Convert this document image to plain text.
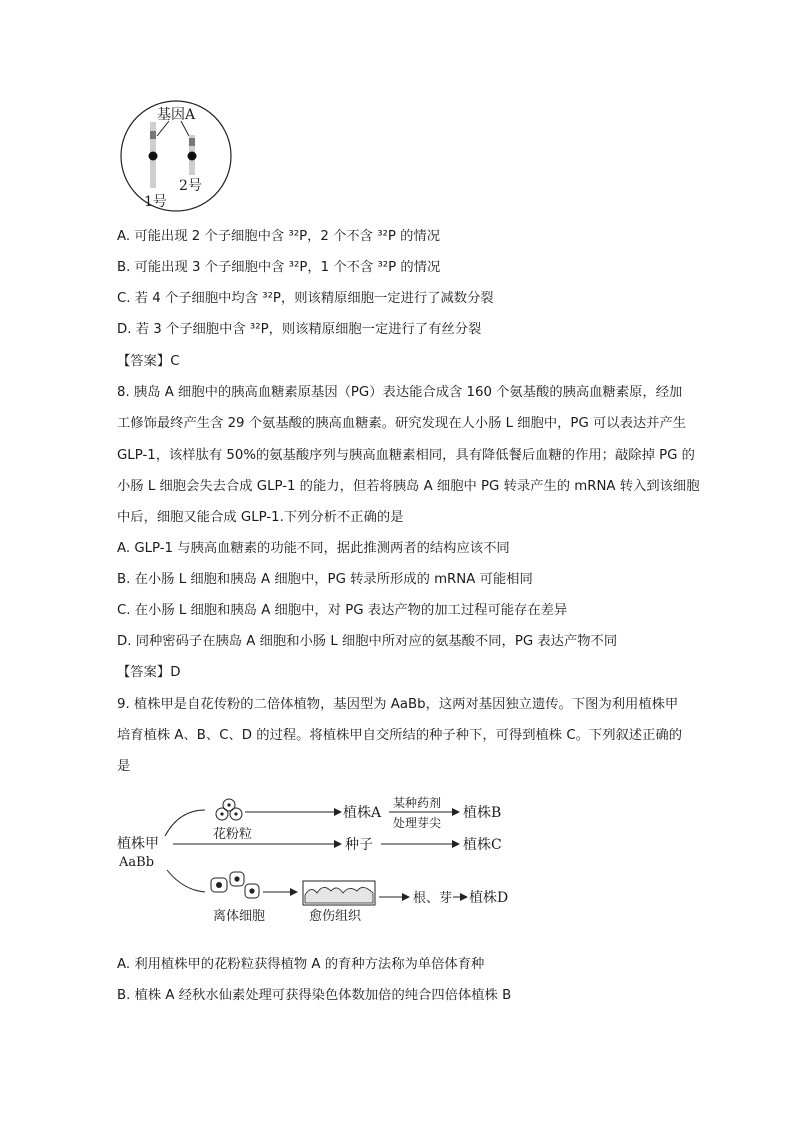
基因A
2号
1号
A. 可能出现 2 个子细胞中含 ³²P，2 个不含 ³²P 的情况
B. 可能出现 3 个子细胞中含 ³²P，1 个不含 ³²P 的情况
C. 若 4 个子细胞中均含 ³²P，则该精原细胞一定进行了减数分裂
D. 若 3 个子细胞中含 ³²P，则该精原细胞一定进行了有丝分裂
【答案】C
8. 胰岛 A 细胞中的胰高血糖素原基因（PG）表达能合成含 160 个氨基酸的胰高血糖素原，经加
工修饰最终产生含 29 个氨基酸的胰高血糖素。研究发现在人小肠 L 细胞中，PG 可以表达并产生
GLP-1，该样肽有 50%的氨基酸序列与胰高血糖素相同，具有降低餐后血糖的作用；敲除掉 PG 的
小肠 L 细胞会失去合成 GLP-1 的能力，但若将胰岛 A 细胞中 PG 转录产生的 mRNA 转入到该细胞
中后，细胞又能合成 GLP-1.下列分析不正确的是
A. GLP-1 与胰高血糖素的功能不同，据此推测两者的结构应该不同
B. 在小肠 L 细胞和胰岛 A 细胞中，PG 转录所形成的 mRNA 可能相同
C. 在小肠 L 细胞和胰岛 A 细胞中，对 PG 表达产物的加工过程可能存在差异
D. 同种密码子在胰岛 A 细胞和小肠 L 细胞中所对应的氨基酸不同，PG 表达产物不同
【答案】D
9. 植株甲是自花传粉的二倍体植物，基因型为 AaBb，这两对基因独立遗传。下图为利用植株甲
培育植株 A、B、C、D 的过程。将植株甲自交所结的种子种下，可得到植株 C。下列叙述正确的
是
植株甲
AaBb
花粉粒
植株A
某种药剂
处理芽尖
植株B
种子	植株C
离体细胞	愈伤组织
根、芽 植株D
A. 利用植株甲的花粉粒获得植物 A 的育种方法称为单倍体育种
B. 植株 A 经秋水仙素处理可获得染色体数加倍的纯合四倍体植株 B
